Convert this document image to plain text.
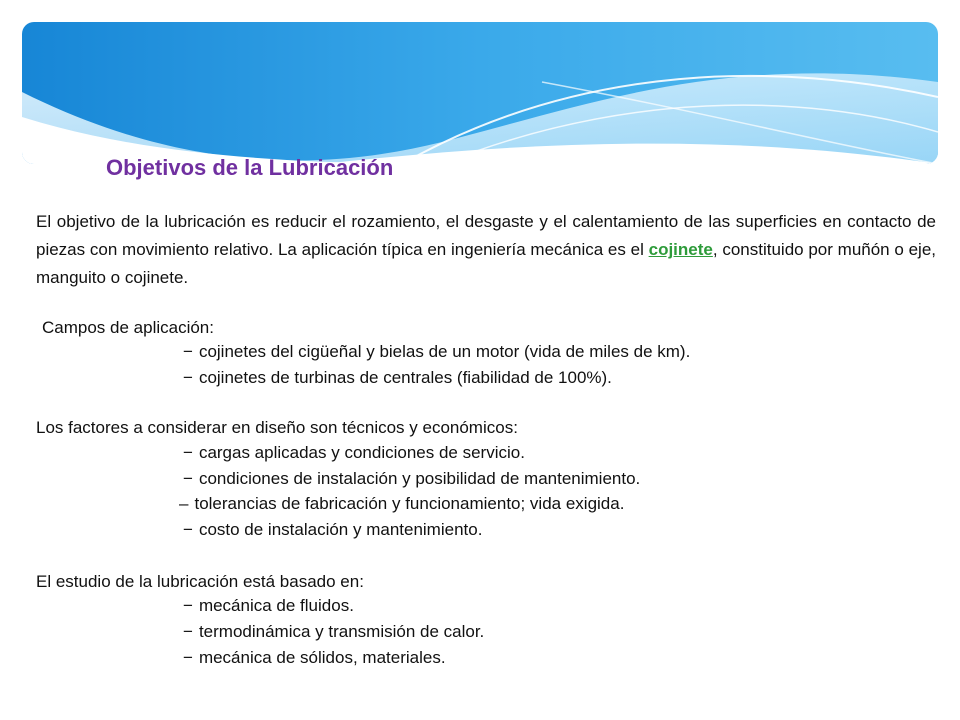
Objetivos de la Lubricación

El objetivo de la lubricación es reducir el rozamiento, el desgaste y el calentamiento de las superficies en contacto de piezas con movimiento relativo. La aplicación típica en ingeniería mecánica es el cojinete, constituido por muñón o eje, manguito o cojinete.

Campos de aplicación:

− cojinetes del cigüeñal y bielas de un motor (vida de miles de km).

− cojinetes de turbinas de centrales (fiabilidad de 100%).

Los factores a considerar en diseño son técnicos y económicos:

− cargas aplicadas y condiciones de servicio.

− condiciones de instalación y posibilidad de mantenimiento.

– tolerancias de fabricación y funcionamiento; vida exigida.

− costo de instalación y mantenimiento.

El estudio de la lubricación está basado en:

− mecánica de fluidos.

− termodinámica y transmisión de calor.

− mecánica de sólidos, materiales.
